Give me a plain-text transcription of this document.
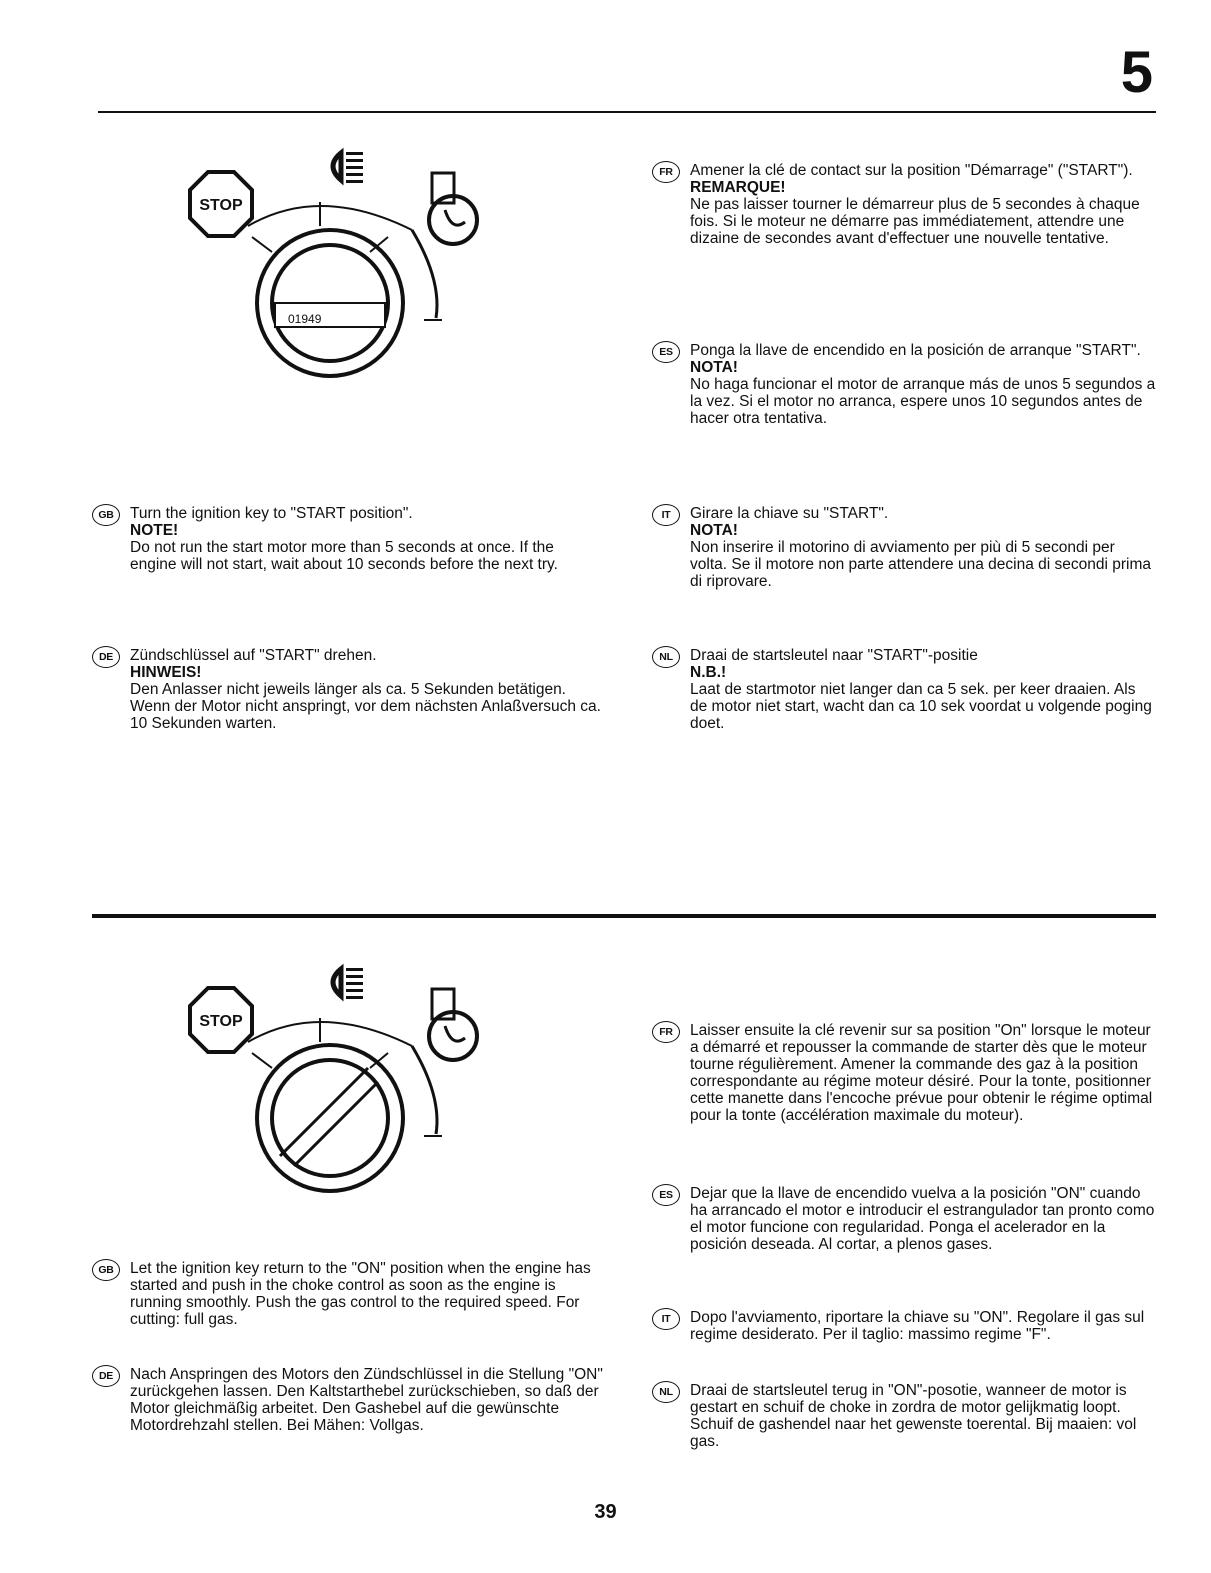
5
STOP
01949
FR	Amener la clé de contact sur la position "Démarrage" ("START").

REMARQUE!

Ne pas laisser tourner le démarreur plus de 5 secondes à chaque fois. Si le moteur ne démarre pas immédiatement, attendre une dizaine de secondes avant d'effectuer une nouvelle tentative.

ES	Ponga la llave de encendido en la posición de arranque "START".

NOTA!

No haga funcionar el motor de arranque más de unos 5 segundos a la vez. Si el motor no arranca, espere unos 10 segundos antes de hacer otra tentativa.

GB	Turn the ignition key to "START position".

NOTE!

Do not run the start motor more than 5 seconds at once. If the engine will not start, wait about 10 seconds before the next try.

DE	Zündschlüssel auf "START" drehen.

HINWEIS!

Den Anlasser nicht jeweils länger als ca. 5 Sekunden betätigen. Wenn der Motor nicht anspringt, vor dem nächsten Anlaßversuch ca. 10 Sekunden warten.

IT	Girare la chiave su "START".

NOTA!

Non inserire il motorino di avviamento per più di 5 secondi per volta. Se il motore non parte attendere una decina di secondi prima di riprovare.

NL	Draai de startsleutel naar "START"-positie

N.B.!

Laat de startmotor niet langer dan ca 5 sek. per keer draaien. Als de motor niet start, wacht dan ca 10 sek voordat u volgende poging doet.

STOP
FR	Laisser ensuite la clé revenir sur sa position "On" lorsque le moteur a démarré et repousser la commande de starter dès que le moteur tourne régulièrement. Amener la commande des gaz à la position correspondante au régime moteur désiré. Pour la tonte, positionner cette manette dans l'encoche prévue pour obtenir le régime optimal pour la tonte (accélération maximale du moteur).

ES	Dejar que la llave de encendido vuelva a la posición "ON" cuando ha arrancado el motor e introducir el estrangulador tan pronto como el motor funcione con regularidad. Ponga el acelerador en la posición deseada. Al cortar, a plenos gases.

IT	Dopo l'avviamento, riportare la chiave su "ON". Regolare il gas sul regime desiderato. Per il taglio: massimo regime "F".

NL	Draai de startsleutel terug in "ON"-posotie, wanneer de motor is gestart en schuif de choke in zordra de motor gelijkmatig loopt. Schuif de gashendel naar het gewenste toerental. Bij maaien: vol gas.

GB	Let the ignition key return to the "ON" position when the engine has started and push in the choke control as soon as the engine is running smoothly. Push the gas control to the required speed. For cutting: full gas.

DE	Nach Anspringen des Motors den Zündschlüssel in die Stellung "ON" zurückgehen lassen. Den Kaltstarthebel zurückschieben, so daß der Motor gleichmäßig arbeitet. Den Gashebel auf die gewünschte Motordrehzahl stellen. Bei Mähen: Vollgas.

39
